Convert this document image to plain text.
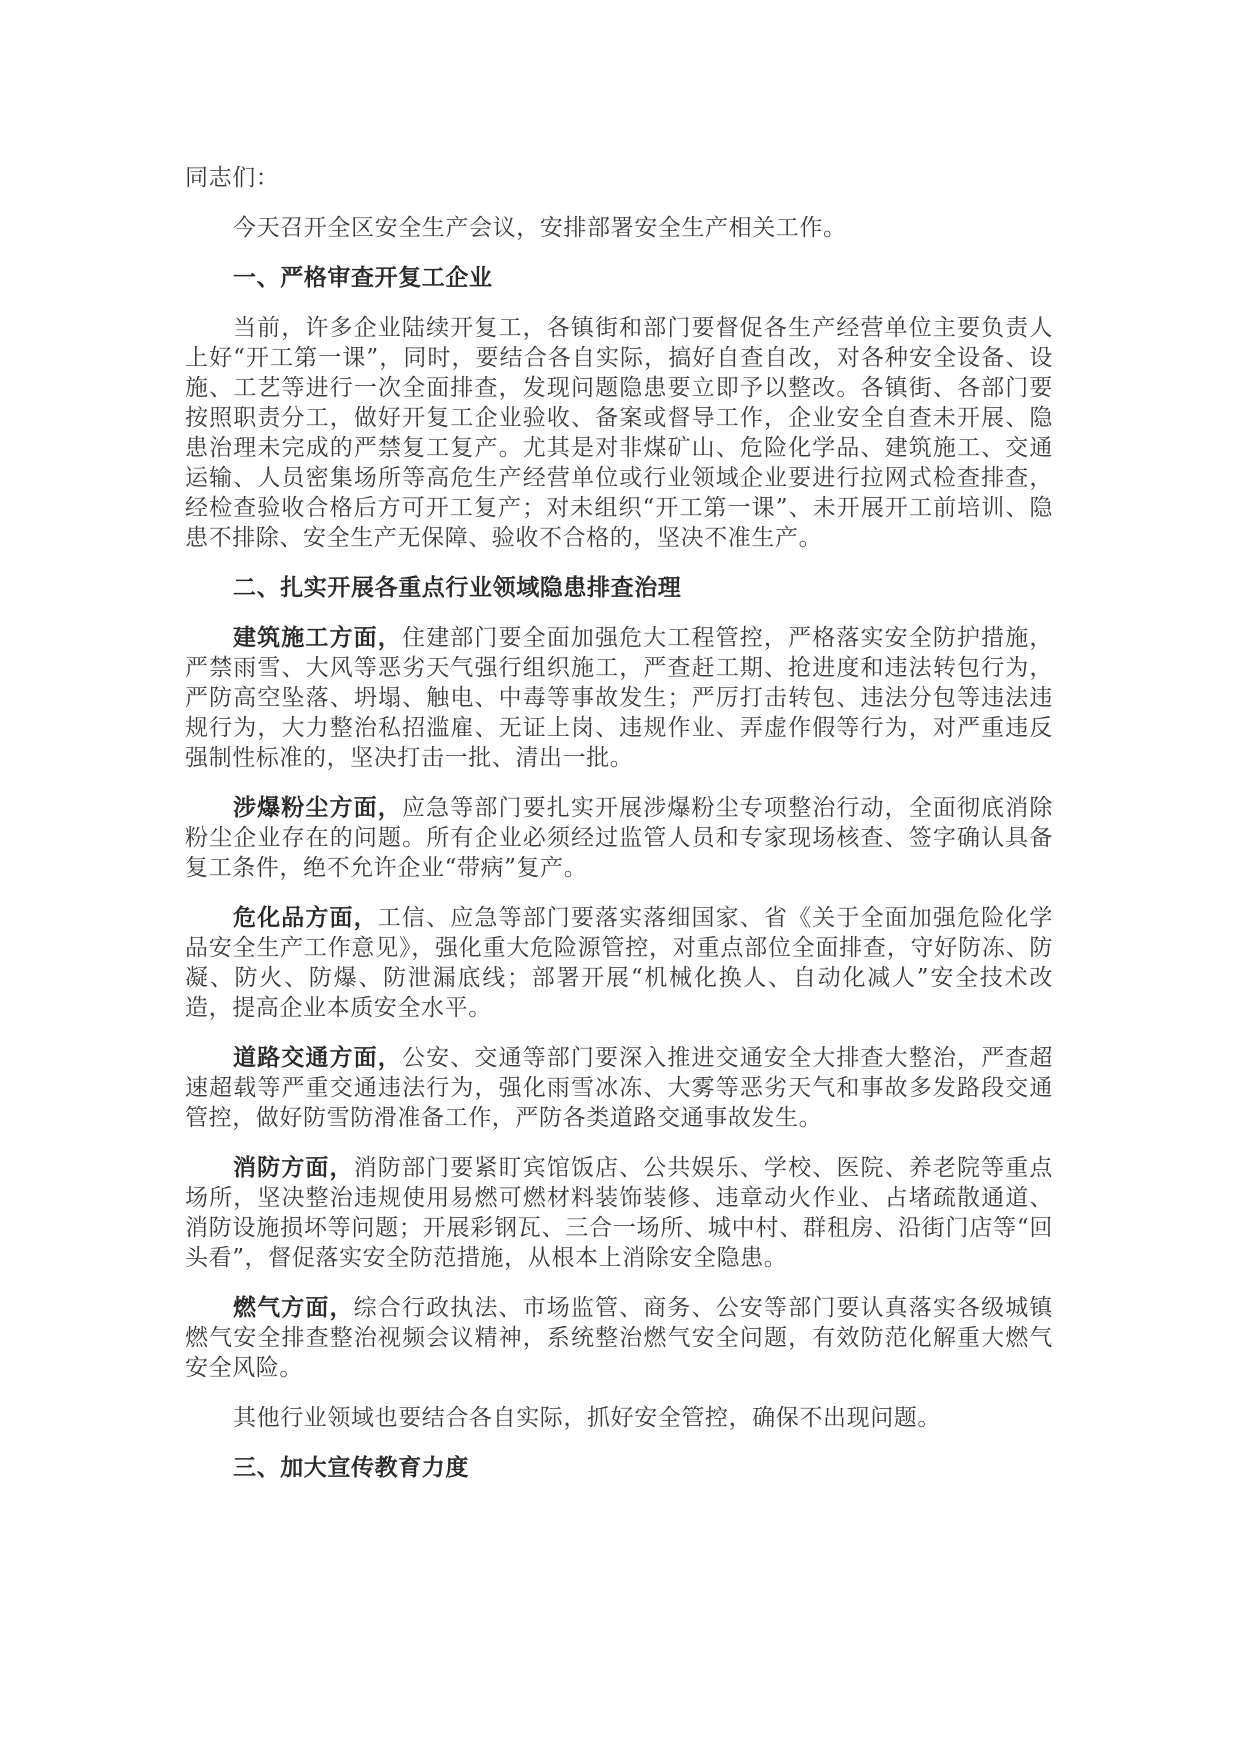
同志们：

今天召开全区安全生产会议，安排部署安全生产相关工作。

一、严格审查开复工企业

当前，许多企业陆续开复工，各镇街和部门要督促各生产经营单位主要负责人上好“开工第一课”，同时，要结合各自实际，搞好自查自改，对各种安全设备、设施、工艺等进行一次全面排查，发现问题隐患要立即予以整改。各镇街、各部门要按照职责分工，做好开复工企业验收、备案或督导工作，企业安全自查未开展、隐患治理未完成的严禁复工复产。尤其是对非煤矿山、危险化学品、建筑施工、交通运输、人员密集场所等高危生产经营单位或行业领域企业要进行拉网式检查排查，经检查验收合格后方可开工复产；对未组织“开工第一课”、未开展开工前培训、隐患不排除、安全生产无保障、验收不合格的，坚决不准生产。

二、扎实开展各重点行业领域隐患排查治理

建筑施工方面，住建部门要全面加强危大工程管控，严格落实安全防护措施，严禁雨雪、大风等恶劣天气强行组织施工，严查赶工期、抢进度和违法转包行为，严防高空坠落、坍塌、触电、中毒等事故发生；严厉打击转包、违法分包等违法违规行为，大力整治私招滥雇、无证上岗、违规作业、弄虚作假等行为，对严重违反强制性标准的，坚决打击一批、清出一批。

涉爆粉尘方面，应急等部门要扎实开展涉爆粉尘专项整治行动，全面彻底消除粉尘企业存在的问题。所有企业必须经过监管人员和专家现场核查、签字确认具备复工条件，绝不允许企业“带病”复产。

危化品方面，工信、应急等部门要落实落细国家、省《关于全面加强危险化学品安全生产工作意见》，强化重大危险源管控，对重点部位全面排查，守好防冻、防凝、防火、防爆、防泄漏底线；部署开展“机械化换人、自动化减人”安全技术改造，提高企业本质安全水平。

道路交通方面，公安、交通等部门要深入推进交通安全大排查大整治，严查超速超载等严重交通违法行为，强化雨雪冰冻、大雾等恶劣天气和事故多发路段交通管控，做好防雪防滑准备工作，严防各类道路交通事故发生。

消防方面，消防部门要紧盯宾馆饭店、公共娱乐、学校、医院、养老院等重点场所，坚决整治违规使用易燃可燃材料装饰装修、违章动火作业、占堵疏散通道、消防设施损坏等问题；开展彩钢瓦、三合一场所、城中村、群租房、沿街门店等“回头看”，督促落实安全防范措施，从根本上消除安全隐患。

燃气方面，综合行政执法、市场监管、商务、公安等部门要认真落实各级城镇燃气安全排查整治视频会议精神，系统整治燃气安全问题，有效防范化解重大燃气安全风险。

其他行业领域也要结合各自实际，抓好安全管控，确保不出现问题。

三、加大宣传教育力度
